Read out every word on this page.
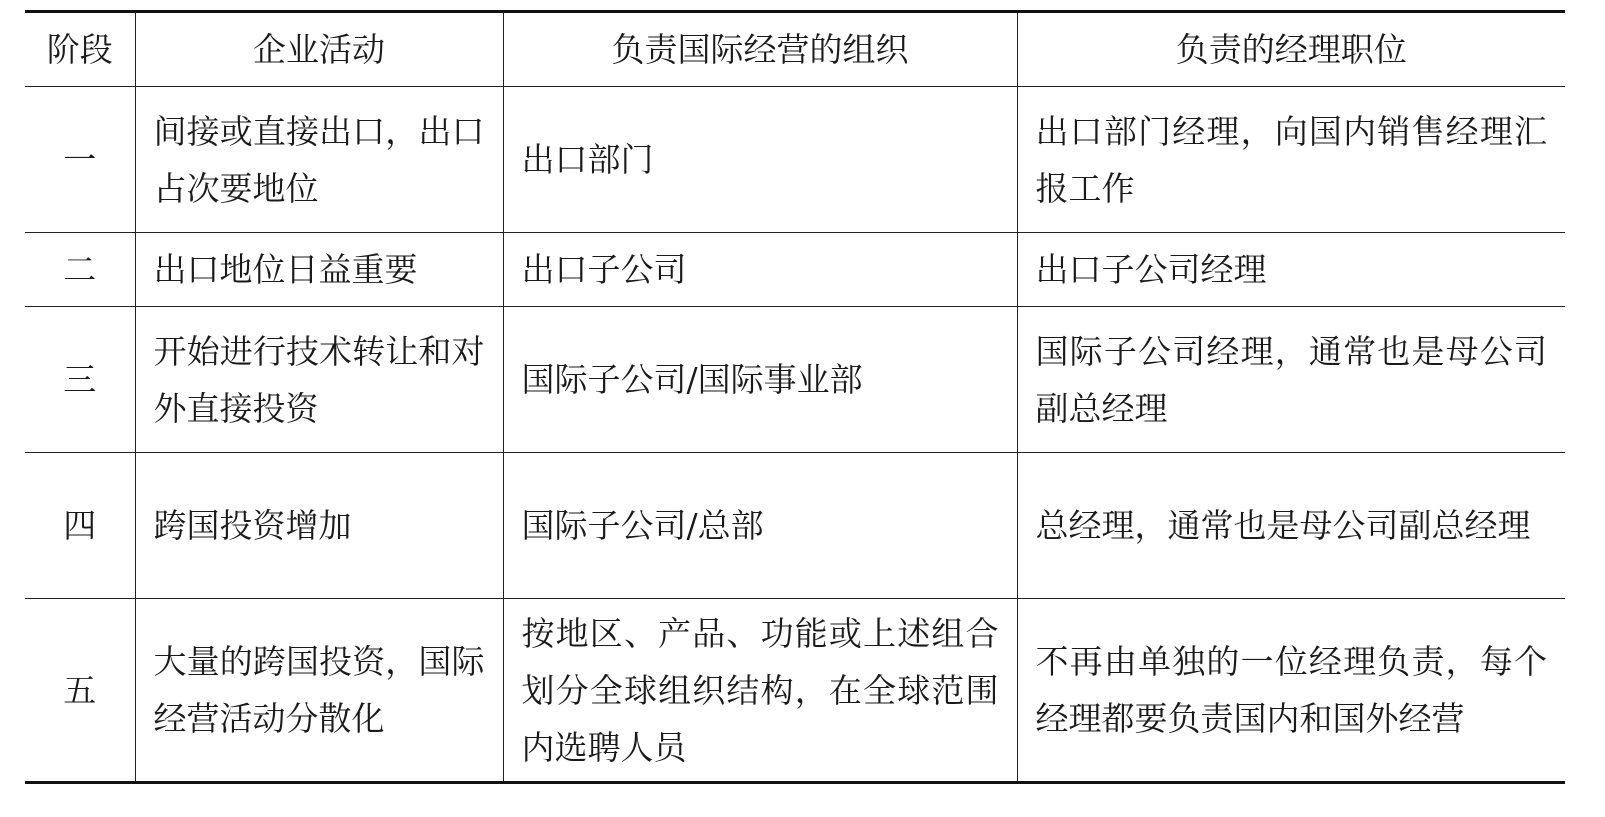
阶段	企业活动	负责国际经营的组织	负责的经理职位
一	间接或直接出口，出口占次要地位	出口部门	出口部门经理，向国内销售经理汇报工作
二	出口地位日益重要	出口子公司	出口子公司经理
三	开始进行技术转让和对外直接投资	国际子公司/国际事业部	国际子公司经理，通常也是母公司副总经理
四	跨国投资增加	国际子公司/总部	总经理，通常也是母公司副总经理
五	大量的跨国投资，国际经营活动分散化	按地区、产品、功能或上述组合划分全球组织结构，在全球范围内选聘人员	不再由单独的一位经理负责，每个经理都要负责国内和国外经营
